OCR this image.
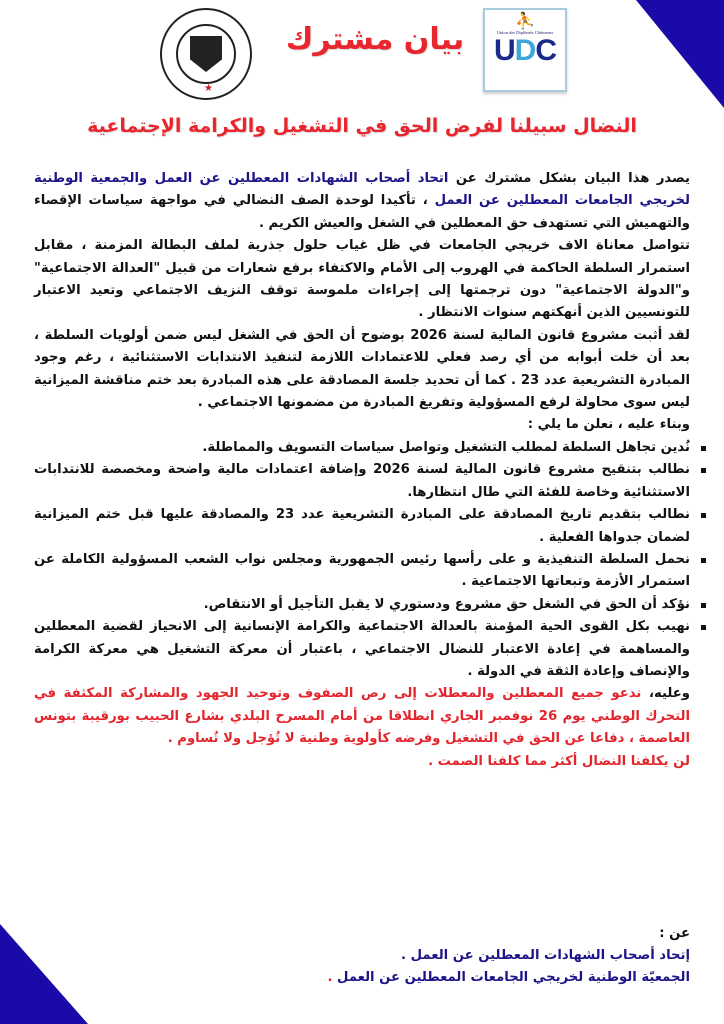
★
بيان مشترك
⛹
Union des Diplômés Chômeurs
UDC
النضال سبيلنا لفرض الحق في التشغيل والكرامة الإجتماعية

يصدر هذا البيان بشكل مشترك عن اتحاد أصحاب الشهادات المعطلين عن العمل والجمعية الوطنية لخريجي الجامعات المعطلين عن العمل ، تأكيدا لوحدة الصف النضالي في مواجهة سياسات الإقصاء والتهميش التي تستهدف حق المعطلين في الشغل والعيش الكريم .

تتواصل معاناة الاف خريجي الجامعات في ظل غياب حلول جذرية لملف البطالة المزمنة ، مقابل استمرار السلطة الحاكمة في الهروب إلى الأمام والاكتفاء برفع شعارات من قبيل "العدالة الاجتماعية" و"الدولة الاجتماعية" دون ترجمتها إلى إجراءات ملموسة توقف النزيف الاجتماعي وتعيد الاعتبار للتونسيين الذين أنهكتهم سنوات الانتظار .

لقد أثبت مشروع قانون المالية لسنة 2026 بوضوح أن الحق في الشغل ليس ضمن أولويات السلطة ، بعد أن خلت أبوابه من أي رصد فعلي للاعتمادات اللازمة لتنفيذ الانتدابات الاستثنائية ، رغم وجود المبادرة التشريعية عدد 23 . كما أن تحديد جلسة المصادقة على هذه المبادرة بعد ختم مناقشة الميزانية ليس سوى محاولة لرفع المسؤولية وتفريغ المبادرة من مضمونها الاجتماعي .

وبناء عليه ، نعلن ما يلي :

نُدين تجاهل السلطة لمطلب التشغيل وتواصل سياسات التسويف والمماطلة.
نطالب بتنقيح مشروع قانون المالية لسنة 2026 وإضافة اعتمادات مالية واضحة ومخصصة للانتدابات الاستثنائية وخاصة للفئة التي طال انتظارها.
نطالب بتقديم تاريخ المصادقة على المبادرة التشريعية عدد 23 والمصادقة عليها قبل ختم الميزانية لضمان جدواها الفعلية .
نحمل السلطة التنفيذية و على رأسها رئيس الجمهورية ومجلس نواب الشعب المسؤولية الكاملة عن استمرار الأزمة وتبعاتها الاجتماعية .
نؤكد أن الحق في الشغل حق مشروع ودستوري لا يقبل التأجيل أو الانتقاص.
نهيب بكل القوى الحية المؤمنة بالعدالة الاجتماعية والكرامة الإنسانية إلى الانحياز لقضية المعطلين والمساهمة في إعادة الاعتبار للنضال الاجتماعي ، باعتبار أن معركة التشغيل هي معركة الكرامة والإنصاف وإعادة الثقة في الدولة .

وعليه، ندعو جميع المعطلين والمعطلات إلى رص الصفوف وتوحيد الجهود والمشاركة المكثفة في التحرك الوطني يوم 26 نوفمبر الجاري انطلاقا من أمام المسرح البلدي بشارع الحبيب بورقيبة بتونس العاصمة ، دفاعا عن الحق في التشغيل وفرضه كأولوية وطنية لا تُؤجل ولا تُساوم .

لن يكلفنا النضال أكثر مما كلفنا الصمت .

عن :
إتحاد أصحاب الشهادات المعطلين عن العمل .
الجمعيّة الوطنية لخريجي الجامعات المعطلين عن العمل .
